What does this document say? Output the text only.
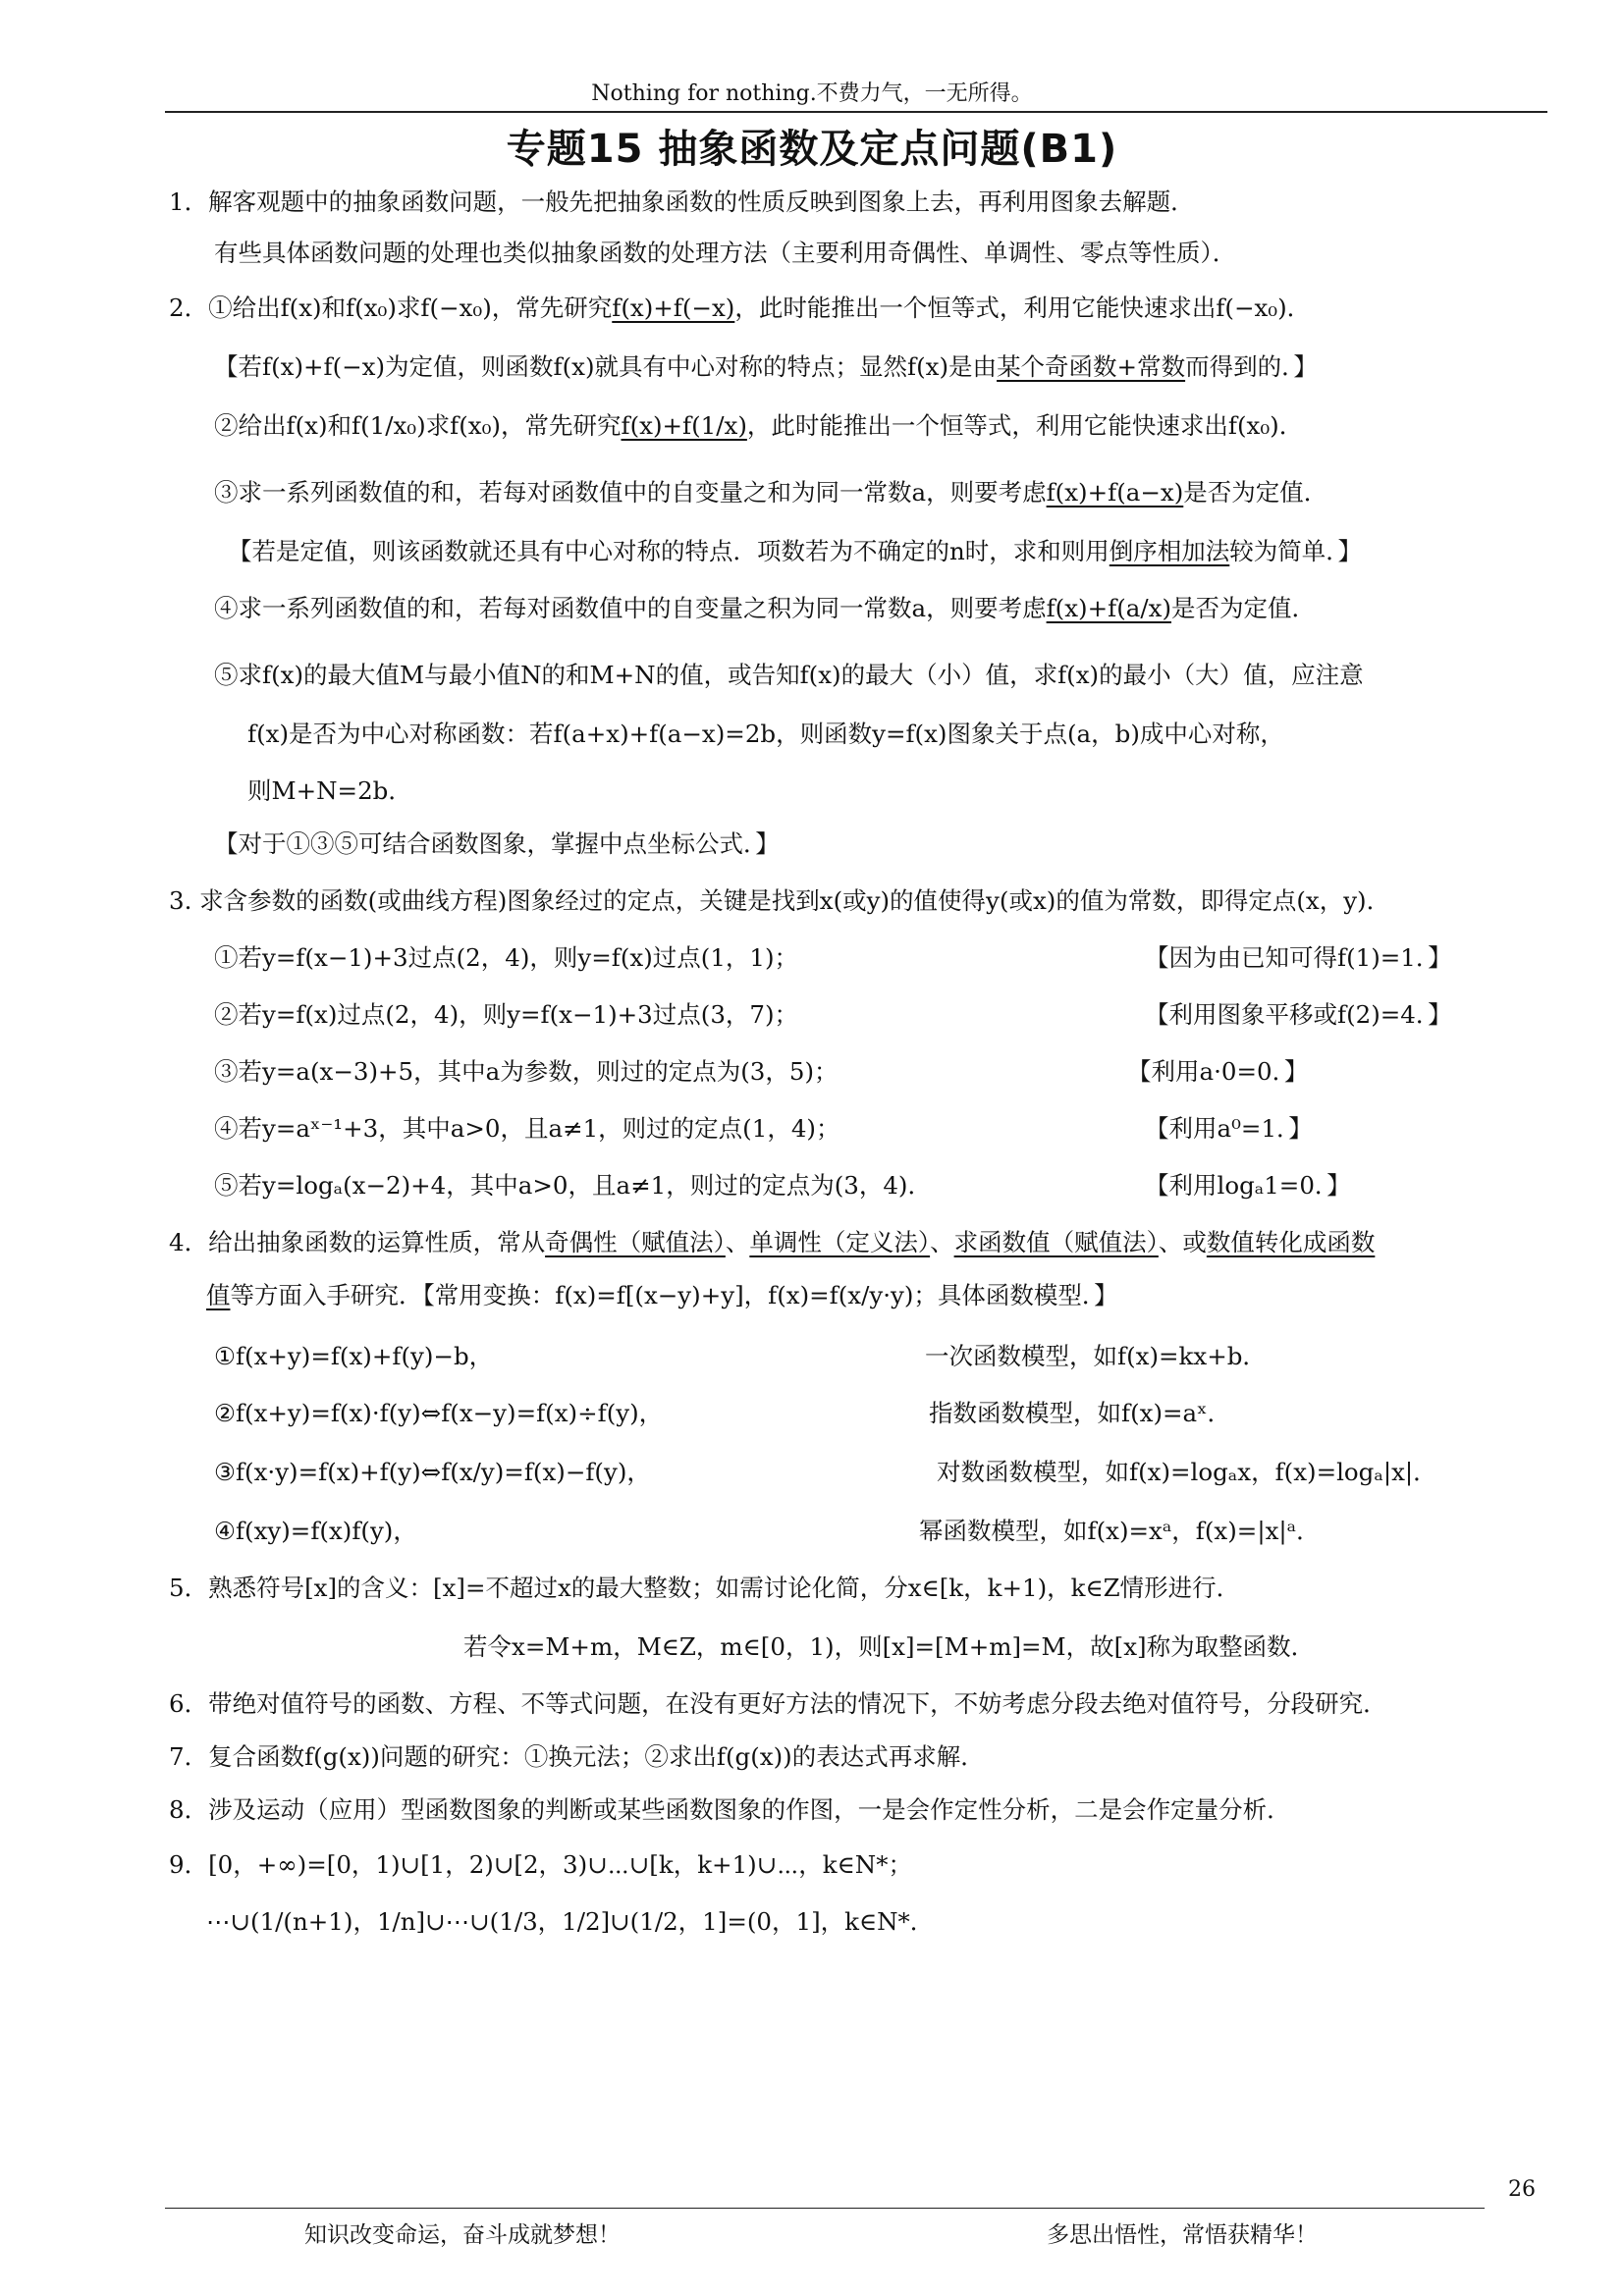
Nothing for nothing.不费力气，一无所得。
专题15 抽象函数及定点问题(B1)
1．解客观题中的抽象函数问题，一般先把抽象函数的性质反映到图象上去，再利用图象去解题．
有些具体函数问题的处理也类似抽象函数的处理方法（主要利用奇偶性、单调性、零点等性质）．
2．①给出f(x)和f(x₀)求f(−x₀)，常先研究f(x)+f(−x)，此时能推出一个恒等式，利用它能快速求出f(−x₀)．
【若f(x)+f(−x)为定值，则函数f(x)就具有中心对称的特点；显然f(x)是由某个奇函数+常数而得到的．】
②给出f(x)和f(1/x₀)求f(x₀)，常先研究f(x)+f(1/x)，此时能推出一个恒等式，利用它能快速求出f(x₀)．
③求一系列函数值的和，若每对函数值中的自变量之和为同一常数a，则要考虑f(x)+f(a−x)是否为定值．
【若是定值，则该函数就还具有中心对称的特点．项数若为不确定的n时，求和则用倒序相加法较为简单．】
④求一系列函数值的和，若每对函数值中的自变量之积为同一常数a，则要考虑f(x)+f(a/x)是否为定值．
⑤求f(x)的最大值M与最小值N的和M+N的值，或告知f(x)的最大（小）值，求f(x)的最小（大）值，应注意
f(x)是否为中心对称函数：若f(a+x)+f(a−x)=2b，则函数y=f(x)图象关于点(a，b)成中心对称，
则M+N=2b．
【对于①③⑤可结合函数图象，掌握中点坐标公式．】
3. 求含参数的函数(或曲线方程)图象经过的定点，关键是找到x(或y)的值使得y(或x)的值为常数，即得定点(x，y)．
①若y=f(x−1)+3过点(2，4)，则y=f(x)过点(1，1)；	【因为由已知可得f(1)=1．】
②若y=f(x)过点(2，4)，则y=f(x−1)+3过点(3，7)；	【利用图象平移或f(2)=4．】
③若y=a(x−3)+5，其中a为参数，则过的定点为(3，5)；	【利用a·0=0．】
④若y=aˣ⁻¹+3，其中a>0，且a≠1，则过的定点(1，4)；	【利用a⁰=1．】
⑤若y=logₐ(x−2)+4，其中a>0，且a≠1，则过的定点为(3，4)．	【利用logₐ1=0．】
4．给出抽象函数的运算性质，常从奇偶性（赋值法）、单调性（定义法）、求函数值（赋值法）、或数值转化成函数
值等方面入手研究．【常用变换：f(x)=f[(x−y)+y]，f(x)=f(x/y·y)；具体函数模型．】
①f(x+y)=f(x)+f(y)−b，	一次函数模型，如f(x)=kx+b．
②f(x+y)=f(x)·f(y)⇔f(x−y)=f(x)÷f(y)，	指数函数模型，如f(x)=aˣ．
③f(x·y)=f(x)+f(y)⇔f(x/y)=f(x)−f(y)，	对数函数模型，如f(x)=logₐx，f(x)=logₐ|x|．
④f(xy)=f(x)f(y)，	幂函数模型，如f(x)=xᵃ，f(x)=|x|ᵃ．
5．熟悉符号[x]的含义：[x]=不超过x的最大整数；如需讨论化简，分x∈[k，k+1)，k∈Z情形进行．
若令x=M+m，M∈Z，m∈[0，1)，则[x]=[M+m]=M，故[x]称为取整函数．
6．带绝对值符号的函数、方程、不等式问题，在没有更好方法的情况下，不妨考虑分段去绝对值符号，分段研究．
7．复合函数f(g(x))问题的研究：①换元法；②求出f(g(x))的表达式再求解．
8．涉及运动（应用）型函数图象的判断或某些函数图象的作图，一是会作定性分析，二是会作定量分析．
9．[0，+∞)=[0，1)∪[1，2)∪[2，3)∪⋯∪[k，k+1)∪⋯，k∈N*；
⋯∪(1/(n+1)，1/n]∪⋯∪(1/3，1/2]∪(1/2，1]=(0，1]，k∈N*．
26
知识改变命运，奋斗成就梦想！	多思出悟性，常悟获精华！
